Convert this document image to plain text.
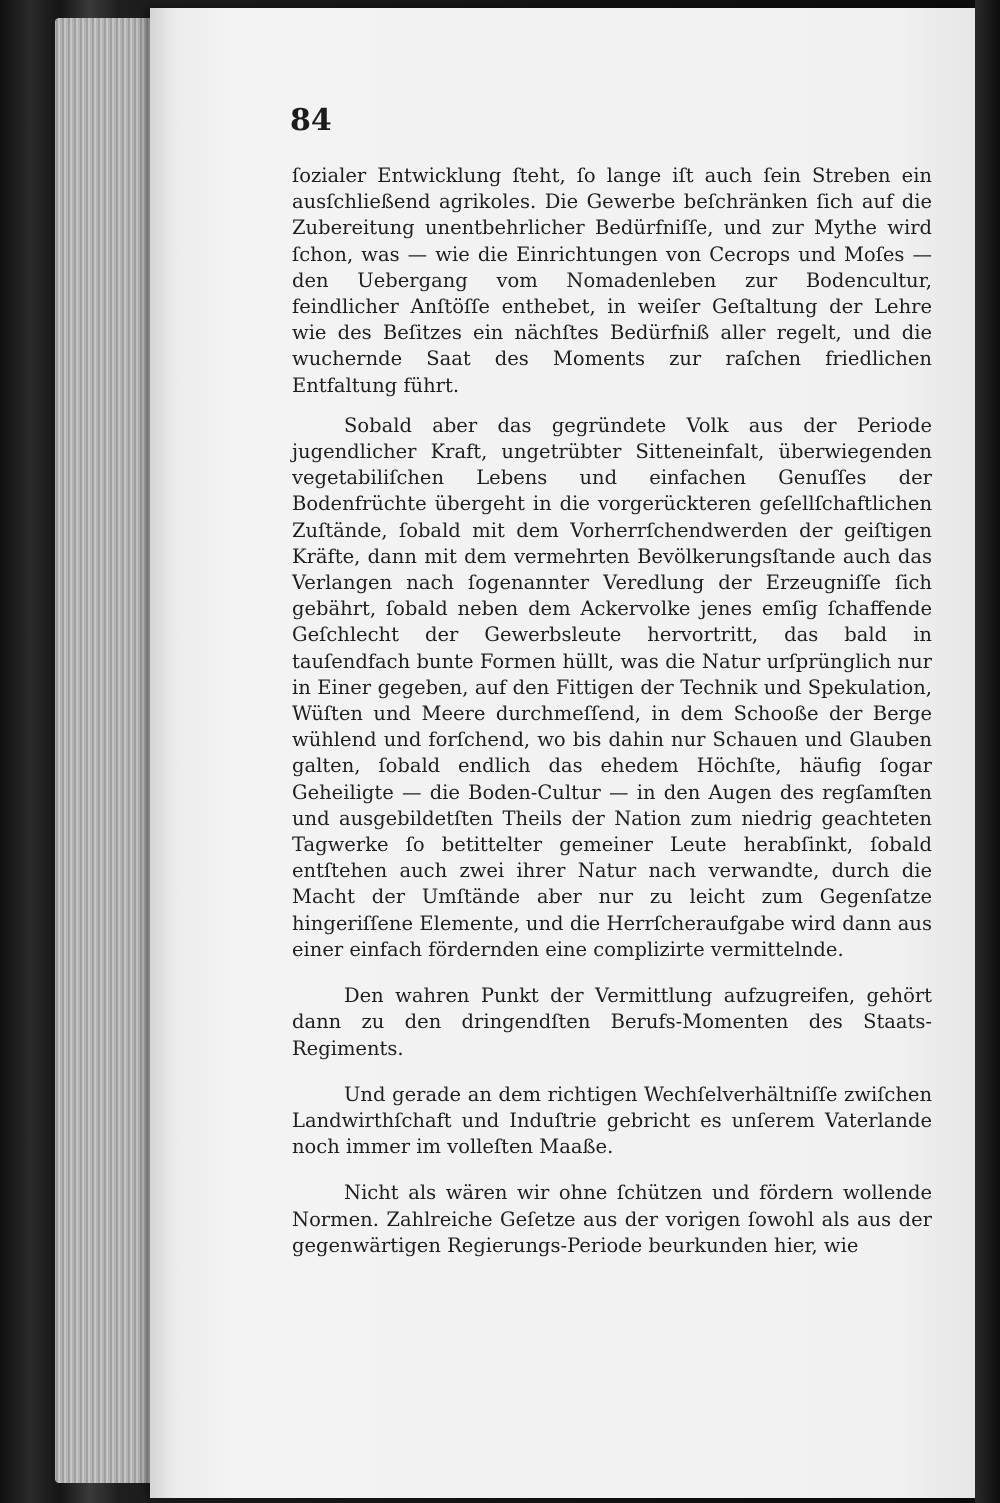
84

ſozialer Entwicklung ſteht, ſo lange iſt auch ſein Streben ein ausſchließend agrikoles. Die Gewerbe beſchränken ſich auf die Zubereitung unentbehrlicher Bedürfniſſe, und zur Mythe wird ſchon, was — wie die Einrichtungen von Cecrops und Moſes — den Uebergang vom Nomadenleben zur Bodencultur, feindlicher Anſtöſſe enthebet, in weiſer Geſtaltung der Lehre wie des Beſitzes ein nächſtes Bedürfniß aller regelt, und die wuchernde Saat des Moments zur raſchen friedlichen Entfaltung führt.

Sobald aber das gegründete Volk aus der Periode jugendlicher Kraft, ungetrübter Sitteneinfalt, überwiegenden vegetabiliſchen Lebens und einfachen Genuſſes der Bodenfrüchte übergeht in die vorgerückteren geſellſchaftlichen Zuſtände, ſobald mit dem Vorherrſchendwerden der geiſtigen Kräfte, dann mit dem vermehrten Bevölkerungsſtande auch das Verlangen nach ſogenannter Veredlung der Erzeugniſſe ſich gebährt, ſobald neben dem Ackervolke jenes emſig ſchaffende Geſchlecht der Gewerbsleute hervortritt, das bald in tauſendfach bunte Formen hüllt, was die Natur urſprünglich nur in Einer gegeben, auf den Fittigen der Technik und Spekulation, Wüſten und Meere durchmeſſend, in dem Schooße der Berge wühlend und forſchend, wo bis dahin nur Schauen und Glauben galten, ſobald endlich das ehedem Höchſte, häufig ſogar Geheiligte — die Boden-Cultur — in den Augen des regſamſten und ausgebildetſten Theils der Nation zum niedrig geachteten Tagwerke ſo betittelter gemeiner Leute herabſinkt, ſobald entſtehen auch zwei ihrer Natur nach verwandte, durch die Macht der Umſtände aber nur zu leicht zum Gegenſatze hingeriſſene Elemente, und die Herrſcheraufgabe wird dann aus einer einfach fördernden eine complizirte vermittelnde.

Den wahren Punkt der Vermittlung aufzugreifen, gehört dann zu den dringendſten Berufs-Momenten des Staats-Regiments.

Und gerade an dem richtigen Wechſelverhältniſſe zwiſchen Landwirthſchaft und Induſtrie gebricht es unſerem Vaterlande noch immer im volleſten Maaße.

Nicht als wären wir ohne ſchützen und fördern wollende Normen. Zahlreiche Geſetze aus der vorigen ſowohl als aus der gegenwärtigen Regierungs-Periode beurkunden hier, wie
